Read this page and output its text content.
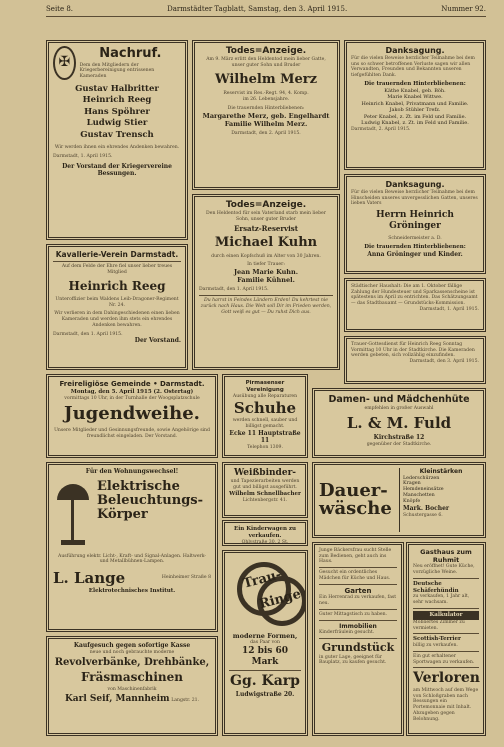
Seite 8.	Darmstädter Tagblatt, Samstag, den 3. April 1915.	Nummer 92.
✠
Nachruf.
Dem den Mitgliedern der Kriegerbereinigung entrissenen Kameraden
Gustav Halbritter
Heinrich Reeg
Hans Spöhrer
Ludwig Stier
Gustav Trensch
Wir werden ihnen ein ehrendes Andenken bewahren.
Darmstadt, 1. April 1915.
Der Vorstand der Kriegervereine Bessungen.
Todes=Anzeige.
Am 9. März erlitt den Heldentod mein lieber Gatte, unser guter Sohn und Bruder
Wilhelm Merz
Reservist im Res.-Regt. 94, 4. Komp.
im 26. Lebensjahre.
Die trauernden Hinterbliebenen:
Margarethe Merz, geb. Engelhardt
Familie Wilhelm Merz.
Darmstadt, den 2. April 1915.
Danksagung.
Für die vielen Beweise herzlicher Teilnahme bei dem uns so schwer betroffenen Verluste sagen wir allen Verwandten, Freunden und Bekannten unseren tiefgefühlten Dank.
Die trauernden Hinterbliebenen:
Käthe Knabel, geb. Böh.
Marie Knabel Wittwe.
Heinrich Knabel, Privatmann und Familie.
Jakob Stühler Trefz.
Peter Knabel, z. Zt. im Feld und Familie.
Ludwig Knabel, z. Zt. im Feld und Familie.
Darmstadt, 2. April 1915.
Danksagung.
Für die vielen Beweise herzlicher Teilnahme bei dem Hinscheiden unseres unvergesslichen Gatten, unseres lieben Vaters
Herrn Heinrich Gröninger
Schneidermeister a. D.
Die trauernden Hinterbliebenen:
Anna Gröninger und Kinder.
Todes=Anzeige.
Den Heldentod für sein Vaterland starb mein lieber Sohn, unser guter Bruder
Ersatz-Reservist
Michael Kuhn
durch einen Kopfschuß im Alter von 30 Jahren.
In tiefer Trauer:
Jean Marie Kuhn.
Familie Kühnel.
Darmstadt, den 1. April 1915.
Du harrst in Feindes Ländern Erden! Du kehrtest nie zurück nach Haus. Die Welt soll Dir im Frieden werden, Gott weiß es gut — Du ruhst Dich aus.
Kavallerie-Verein Darmstadt.
Auf dem Felde der Ehre fiel unser lieber treues Mitglied
Heinrich Reeg
Unteroffizier beim Waldens Leib-Dragoner-Regiment Nr. 24.
Wir verlieren in dem Dahingeschiedenen einen lieben Kameraden und werden ihm stets ein ehrendes Andenken bewahren.
Darmstadt, den 1. April 1915.
Der Vorstand.
Städtischer Haushalt: Die am 1. Oktober fällige Zahlung der Hundesteuer und Sparkassenscheine ist spätestens im April zu entrichten. Das Schätzungsamt — das Stadtbauamt — Grundstücks-Kommission.
Darmstadt, 1. April 1915.
Trauer-Gottesdienst für Heinrich Reeg Sonntag Vormittag 10 Uhr in der Stadtkirche. Die Kameraden werden gebeten, sich vollzählig einzufinden.
Darmstadt, den 3. April 1915.
Freireligiöse Gemeinde • Darmstadt.
Montag, den 5. April 1915 (2. Ostertag)
vormittags 10 Uhr, in der Turnhalle der Woogsplatzschule
Jugendweihe.
Unsere Mitglieder und Gesinnungsfreunde, sowie Angehörige sind freundlichst eingeladen. Der Vorstand.
Pirmasenser Vereinigung
Ausübung alle Reparaturen
Schuhe
werden schnell, sauber und billigst gemacht.
Ecke 11 Hauptstraße 11
Telephon 1309.
Damen- und Mädchenhüte
empfehlen in großer Auswahl
L. & M. Fuld
Kirchstraße 12
gegenüber der Stadtkirche.
Für den Wohnungswechsel!
Elektrische
Beleuchtungs-
Körper
Ausführung elektr. Licht-, Kraft- und Signal-Anlagen. Haltwerk- und Metallbühnen-Lampen.
L. Lange	Heinheimer Straße 8
Elektrotechnisches Institut.
Weißbinder-
und Tapezierarbeiten werden gut und billigst ausgeführt.
Wilhelm Schnellbacher
Lichtenbergstr. 41.
Ein Kinderwagen zu verkaufen.
Ohlystraße 30, 2 St.
Dauer-
wäsche
Kleinstärken
Lederschürzen
Kragen
Hemdeneinsätze
Manschetten
Knöpfe
Mark. Bocher
Schustergasse 6.
Trau-
Ringe
moderne Formen,
das Paar von
12 bis 60 Mark
Gg. Karp
Ludwigstraße 20.
Kaufgesuch gegen sofortige Kasse
neue und noch gebrauchte moderne
Revolverbänke, Drehbänke,
Fräsmaschinen
von Maschinenfabrik
Karl Seif, Mannheim Langstr. 21.
Junge Bäckersfrau sucht Stelle zum Bedienen, geht auch ins Haus.
Gesucht ein ordentliches Mädchen für Küche und Haus.
Garten
Ein Herrenrad zu verkaufen, fast neu.
Guter Mittagstisch zu haben.
Immobilien
Kinderfräulein gesucht.
Grundstück
in guter Lage, geeignet für Bauplatz, zu kaufen gesucht.
Gasthaus zum Ruhmit
Neu eröffnet! Gute Küche, vorzügliche Weine.
Deutsche Schäferhündin
zu verkaufen, 1 Jahr alt, sehr wachsam.
Kalkulator
Möbliertes Zimmer zu vermieten.
Scottish-Terrier
billig zu verkaufen.
Ein gut erhaltener Sportwagen zu verkaufen.
Verloren
am Mittwoch auf dem Wege von Schloßgraben nach Bessungen ein Portemonnaie mit Inhalt. Abzugeben gegen Belohnung.
